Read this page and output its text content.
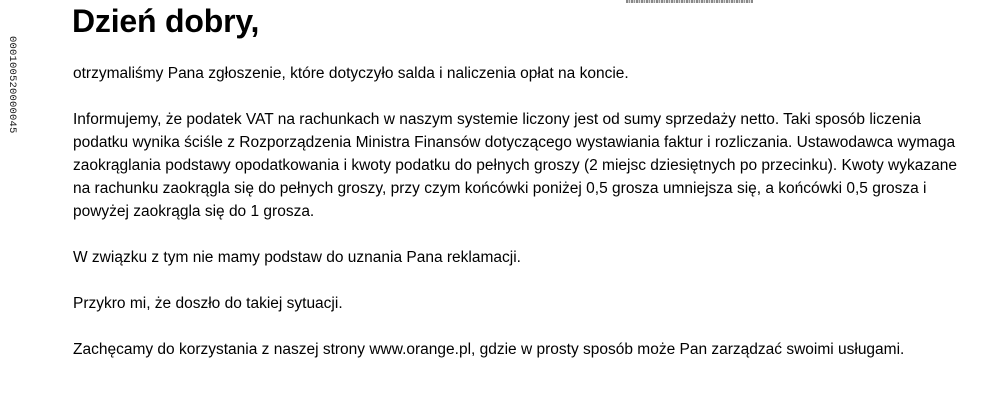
000100520000045
Dzień dobry,

otrzymaliśmy Pana zgłoszenie, które dotyczyło salda i naliczenia opłat na koncie.

Informujemy, że podatek VAT na rachunkach w naszym systemie liczony jest od sumy sprzedaży netto. Taki sposób liczenia podatku wynika ściśle z Rozporządzenia Ministra Finansów dotyczącego wystawiania faktur i rozliczania. Ustawodawca wymaga zaokrąglania podstawy opodatkowania i kwoty podatku do pełnych groszy (2 miejsc dziesiętnych po przecinku). Kwoty wykazane na rachunku zaokrągla się do pełnych groszy, przy czym końcówki poniżej 0,5 grosza umniejsza się, a końcówki 0,5 grosza i powyżej zaokrągla się do 1 grosza.

W związku z tym nie mamy podstaw do uznania Pana reklamacji.

Przykro mi, że doszło do takiej sytuacji.

Zachęcamy do korzystania z naszej strony www.orange.pl, gdzie w prosty sposób może Pan zarządzać swoimi usługami.
